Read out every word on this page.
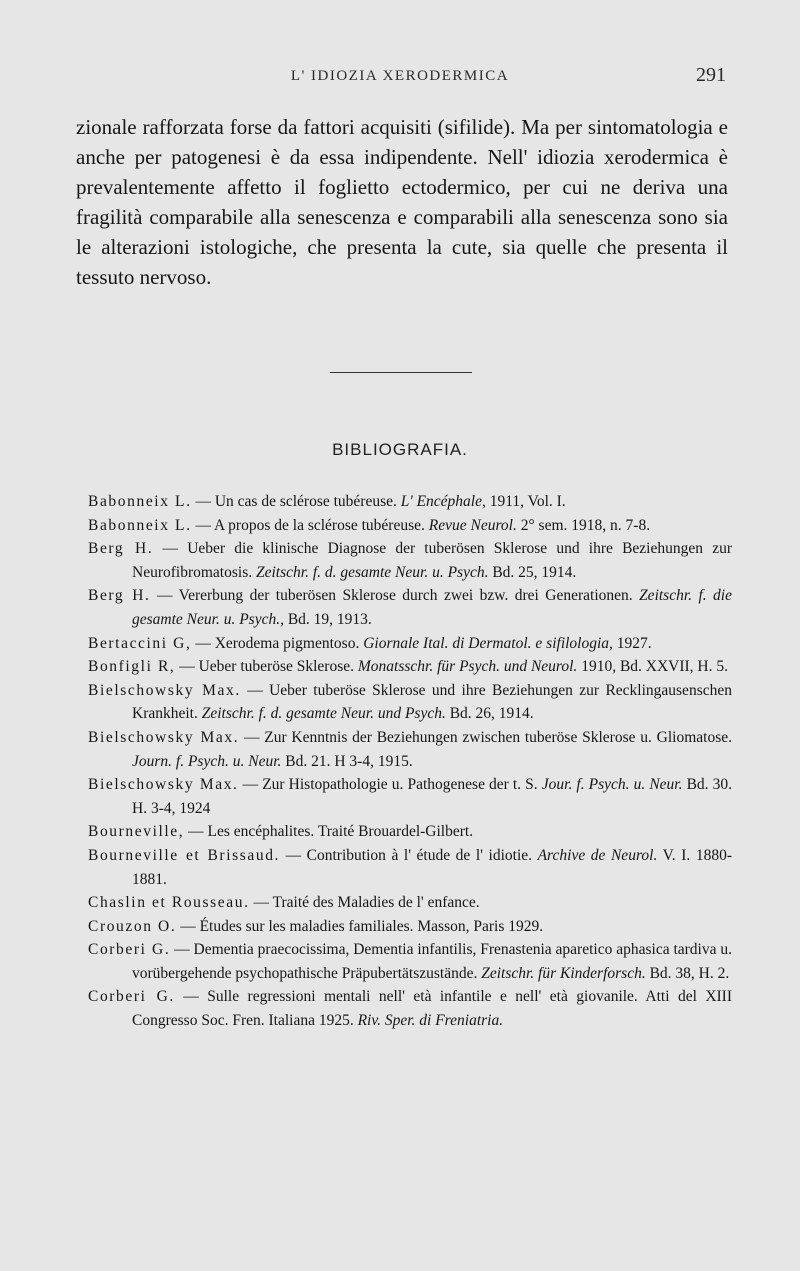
L' IDIOZIA XERODERMICA	291

zionale rafforzata forse da fattori acquisiti (sifilide). Ma per sintomatologia e anche per patogenesi è da essa indipendente. Nell' idiozia xerodermica è prevalentemente affetto il foglietto ectodermico, per cui ne deriva una fragilità comparabile alla senescenza e comparabili alla senescenza sono sia le alterazioni istologiche, che presenta la cute, sia quelle che presenta il tessuto nervoso.

BIBLIOGRAFIA.

Babonneix L. — Un cas de sclérose tubéreuse. L' Encéphale, 1911, Vol. I.

Babonneix L. — A propos de la sclérose tubéreuse. Revue Neurol. 2° sem. 1918, n. 7-8.

Berg H. — Ueber die klinische Diagnose der tuberösen Sklerose und ihre Beziehungen zur Neurofibromatosis. Zeitschr. f. d. gesamte Neur. u. Psych. Bd. 25, 1914.

Berg H. — Vererbung der tuberösen Sklerose durch zwei bzw. drei Generationen. Zeitschr. f. die gesamte Neur. u. Psych., Bd. 19, 1913.

Bertaccini G, — Xerodema pigmentoso. Giornale Ital. di Dermatol. e sifilologia, 1927.

Bonfigli R, — Ueber tuberöse Sklerose. Monatsschr. für Psych. und Neurol. 1910, Bd. XXVII, H. 5.

Bielschowsky Max. — Ueber tuberöse Sklerose und ihre Beziehungen zur Recklingausenschen Krankheit. Zeitschr. f. d. gesamte Neur. und Psych. Bd. 26, 1914.

Bielschowsky Max. — Zur Kenntnis der Beziehungen zwischen tuberöse Sklerose u. Gliomatose. Journ. f. Psych. u. Neur. Bd. 21. H 3-4, 1915.

Bielschowsky Max. — Zur Histopathologie u. Pathogenese der t. S. Jour. f. Psych. u. Neur. Bd. 30. H. 3-4, 1924

Bourneville, — Les encéphalites. Traité Brouardel-Gilbert.

Bourneville et Brissaud. — Contribution à l' étude de l' idiotie. Archive de Neurol. V. I. 1880-1881.

Chaslin et Rousseau. — Traité des Maladies de l' enfance.

Crouzon O. — Études sur les maladies familiales. Masson, Paris 1929.

Corberi G. — Dementia praecocissima, Dementia infantilis, Frenastenia aparetico aphasica tardiva u. vorübergehende psychopathische Präpubertätszustände. Zeitschr. für Kinderforsch. Bd. 38, H. 2.

Corberi G. — Sulle regressioni mentali nell' età infantile e nell' età giovanile. Atti del XIII Congresso Soc. Fren. Italiana 1925. Riv. Sper. di Freniatria.
